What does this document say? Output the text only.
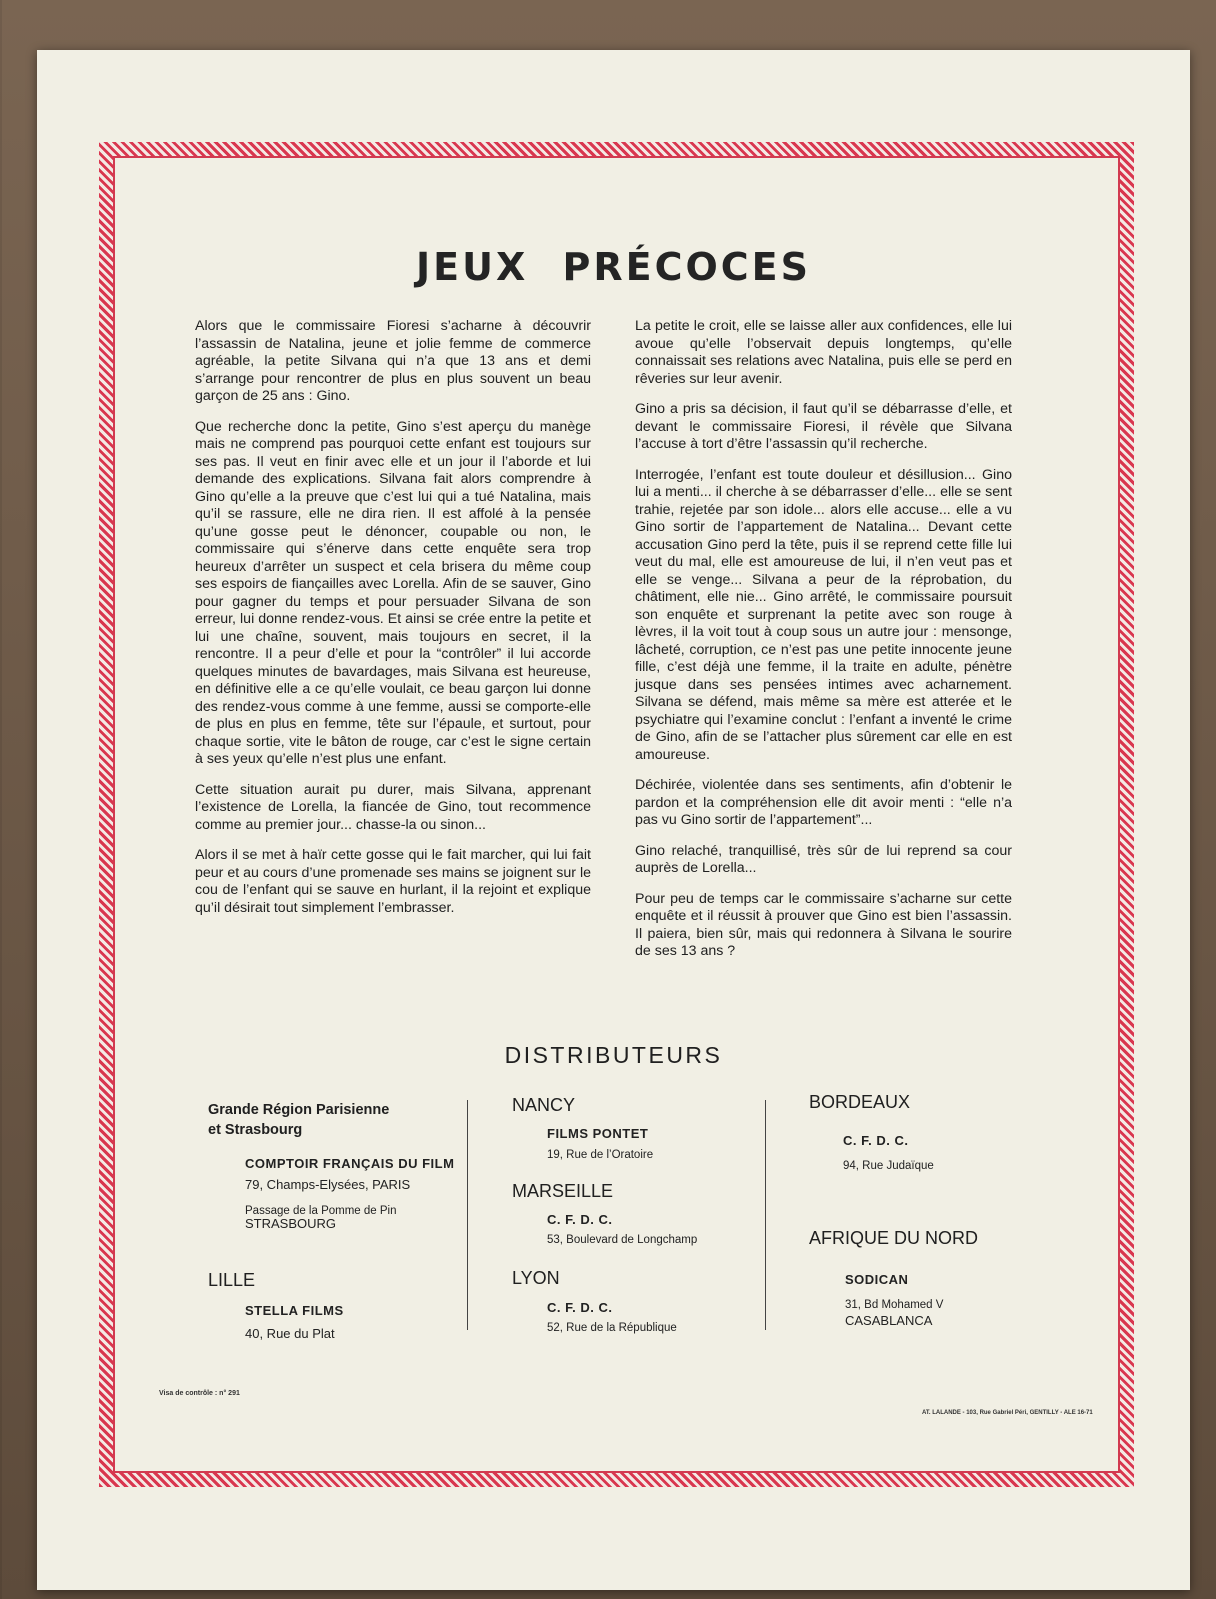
JEUX PRÉCOCES

Alors que le commissaire Fioresi s’acharne à découvrir l’assassin de Natalina, jeune et jolie femme de commerce agréable, la petite Silvana qui n’a que 13 ans et demi s’arrange pour rencontrer de plus en plus souvent un beau garçon de 25 ans : Gino.

Que recherche donc la petite, Gino s’est aperçu du manège mais ne comprend pas pourquoi cette enfant est toujours sur ses pas. Il veut en finir avec elle et un jour il l’aborde et lui demande des explications. Silvana fait alors comprendre à Gino qu’elle a la preuve que c’est lui qui a tué Natalina, mais qu’il se rassure, elle ne dira rien. Il est affolé à la pensée qu’une gosse peut le dénoncer, coupable ou non, le commissaire qui s’énerve dans cette enquête sera trop heureux d’arrêter un suspect et cela brisera du même coup ses espoirs de fiançailles avec Lorella. Afin de se sauver, Gino pour gagner du temps et pour persuader Silvana de son erreur, lui donne rendez-vous. Et ainsi se crée entre la petite et lui une chaîne, souvent, mais toujours en secret, il la rencontre. Il a peur d’elle et pour la “contrôler” il lui accorde quelques minutes de bavardages, mais Silvana est heureuse, en définitive elle a ce qu’elle voulait, ce beau garçon lui donne des rendez-vous comme à une femme, aussi se comporte-elle de plus en plus en femme, tête sur l’épaule, et surtout, pour chaque sortie, vite le bâton de rouge, car c’est le signe certain à ses yeux qu’elle n’est plus une enfant.

Cette situation aurait pu durer, mais Silvana, apprenant l’existence de Lorella, la fiancée de Gino, tout recommence comme au premier jour... chasse-la ou sinon...

Alors il se met à haïr cette gosse qui le fait marcher, qui lui fait peur et au cours d’une promenade ses mains se joignent sur le cou de l’enfant qui se sauve en hurlant, il la rejoint et explique qu’il désirait tout simplement l’embrasser.

La petite le croit, elle se laisse aller aux confidences, elle lui avoue qu’elle l’observait depuis longtemps, qu’elle connaissait ses relations avec Natalina, puis elle se perd en rêveries sur leur avenir.

Gino a pris sa décision, il faut qu’il se débarrasse d’elle, et devant le commissaire Fioresi, il révèle que Silvana l’accuse à tort d’être l’assassin qu’il recherche.

Interrogée, l’enfant est toute douleur et désillusion... Gino lui a menti... il cherche à se débarrasser d’elle... elle se sent trahie, rejetée par son idole... alors elle accuse... elle a vu Gino sortir de l’appartement de Natalina... Devant cette accusation Gino perd la tête, puis il se reprend cette fille lui veut du mal, elle est amoureuse de lui, il n’en veut pas et elle se venge... Silvana a peur de la réprobation, du châtiment, elle nie... Gino arrêté, le commissaire poursuit son enquête et surprenant la petite avec son rouge à lèvres, il la voit tout à coup sous un autre jour : mensonge, lâcheté, corruption, ce n’est pas une petite innocente jeune fille, c’est déjà une femme, il la traite en adulte, pénètre jusque dans ses pensées intimes avec acharnement. Silvana se défend, mais même sa mère est atterée et le psychiatre qui l’examine conclut : l’enfant a inventé le crime de Gino, afin de se l’attacher plus sûrement car elle en est amoureuse.

Déchirée, violentée dans ses sentiments, afin d’obtenir le pardon et la compréhension elle dit avoir menti : “elle n’a pas vu Gino sortir de l’appartement”...

Gino relaché, tranquillisé, très sûr de lui reprend sa cour auprès de Lorella...

Pour peu de temps car le commissaire s’acharne sur cette enquête et il réussit à prouver que Gino est bien l’assassin. Il paiera, bien sûr, mais qui redonnera à Silvana le sourire de ses 13 ans ?

DISTRIBUTEURS
Grande Région Parisienne
et Strasbourg
COMPTOIR FRANÇAIS DU FILM
79, Champs-Elysées, PARIS
Passage de la Pomme de Pin
STRASBOURG
LILLE
STELLA FILMS
40, Rue du Plat
NANCY
FILMS PONTET
19, Rue de l’Oratoire
MARSEILLE
C. F. D. C.
53, Boulevard de Longchamp
LYON
C. F. D. C.
52, Rue de la République
BORDEAUX
C. F. D. C.
94, Rue Judaïque
AFRIQUE DU NORD
SODICAN
31, Bd Mohamed V
CASABLANCA
Visa de contrôle : n° 291
AT. LALANDE - 103, Rue Gabriel Péri, GENTILLY - ALE 16-71
